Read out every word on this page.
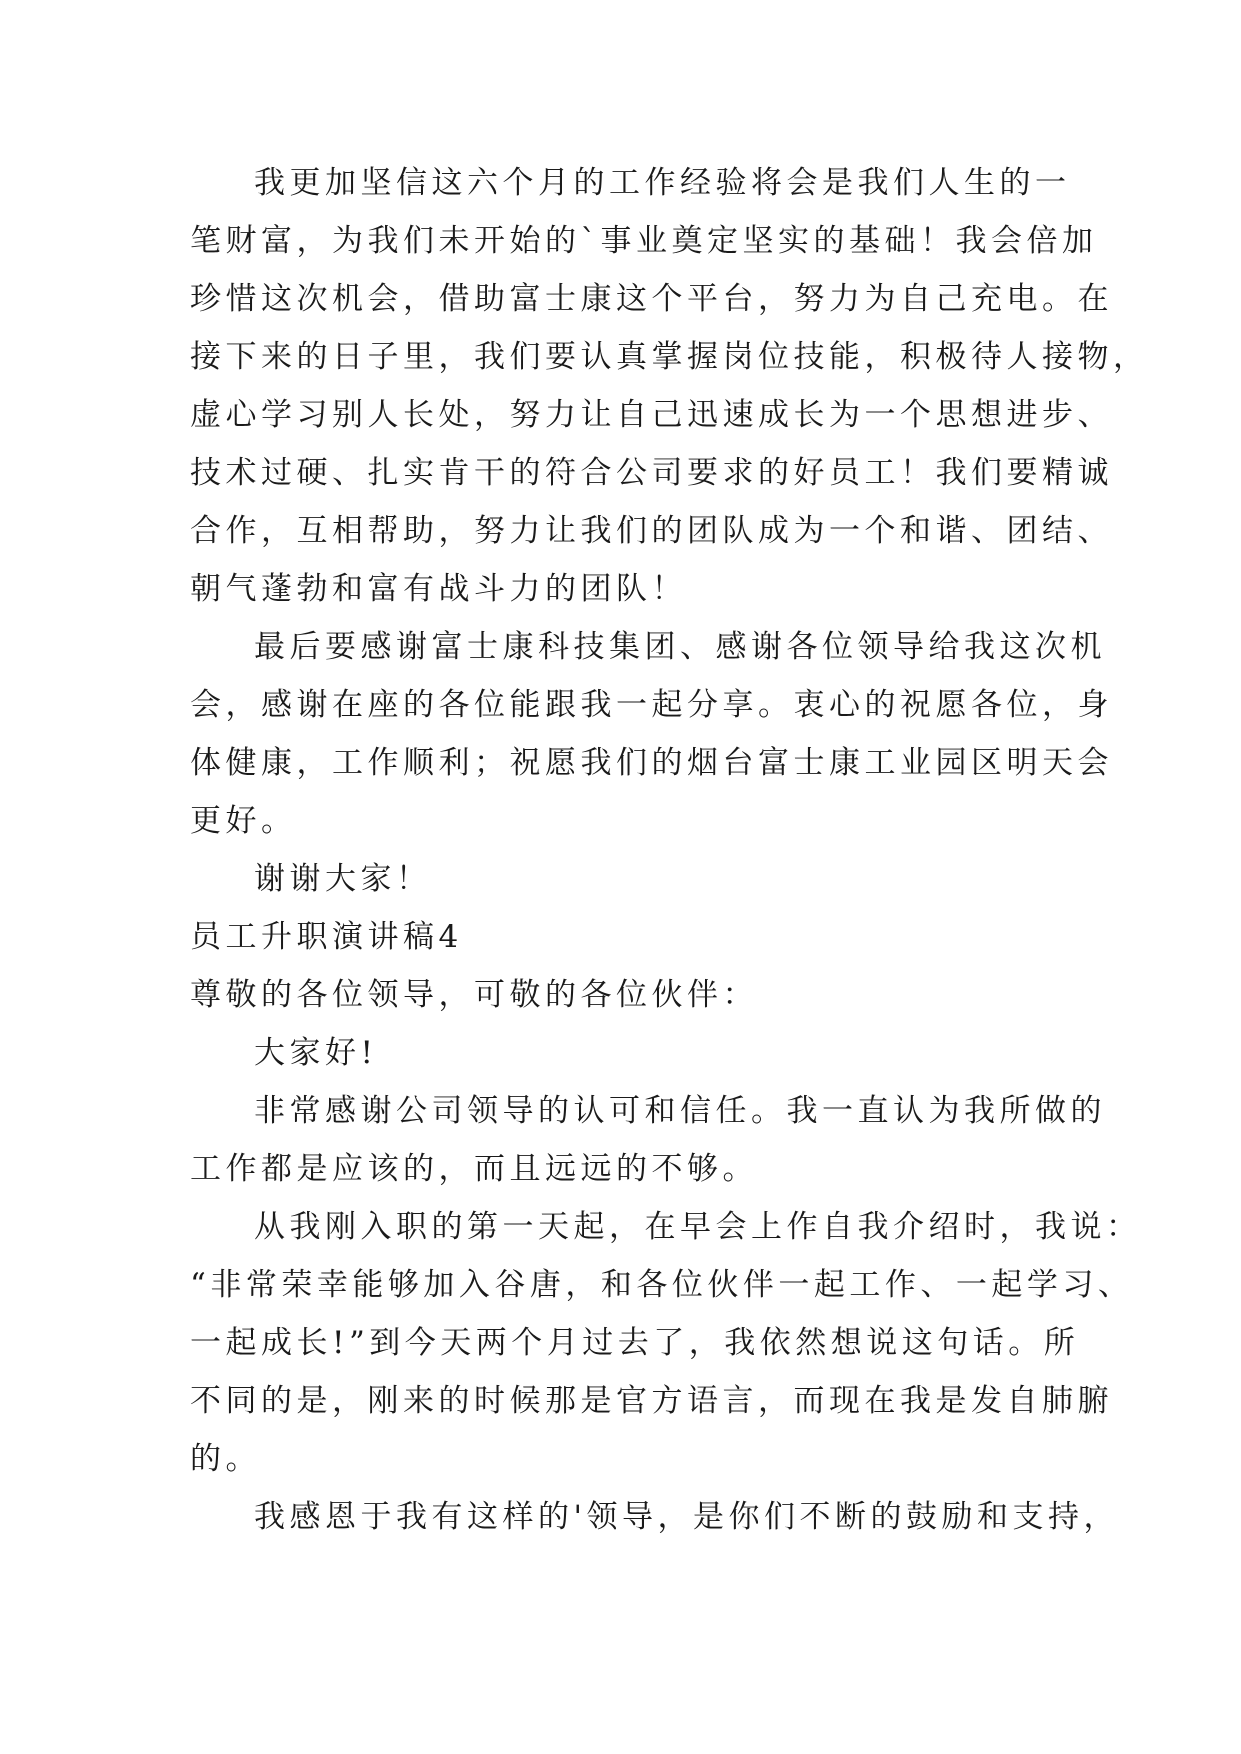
我更加坚信这六个月的工作经验将会是我们人生的一
笔财富，为我们未开始的`事业奠定坚实的基础！我会倍加
珍惜这次机会，借助富士康这个平台，努力为自己充电。在
接下来的日子里，我们要认真掌握岗位技能，积极待人接物，
虚心学习别人长处，努力让自己迅速成长为一个思想进步、
技术过硬、扎实肯干的符合公司要求的好员工！我们要精诚
合作，互相帮助，努力让我们的团队成为一个和谐、团结、
朝气蓬勃和富有战斗力的团队！
最后要感谢富士康科技集团、感谢各位领导给我这次机
会，感谢在座的各位能跟我一起分享。衷心的祝愿各位，身
体健康，工作顺利；祝愿我们的烟台富士康工业园区明天会
更好。
谢谢大家！
员工升职演讲稿4
尊敬的各位领导，可敬的各位伙伴：
大家好!
非常感谢公司领导的认可和信任。我一直认为我所做的
工作都是应该的，而且远远的不够。
从我刚入职的第一天起，在早会上作自我介绍时，我说：
“非常荣幸能够加入谷唐，和各位伙伴一起工作、一起学习、
一起成长!”到今天两个月过去了，我依然想说这句话。所
不同的是，刚来的时候那是官方语言，而现在我是发自肺腑
的。
我感恩于我有这样的'领导，是你们不断的鼓励和支持，
